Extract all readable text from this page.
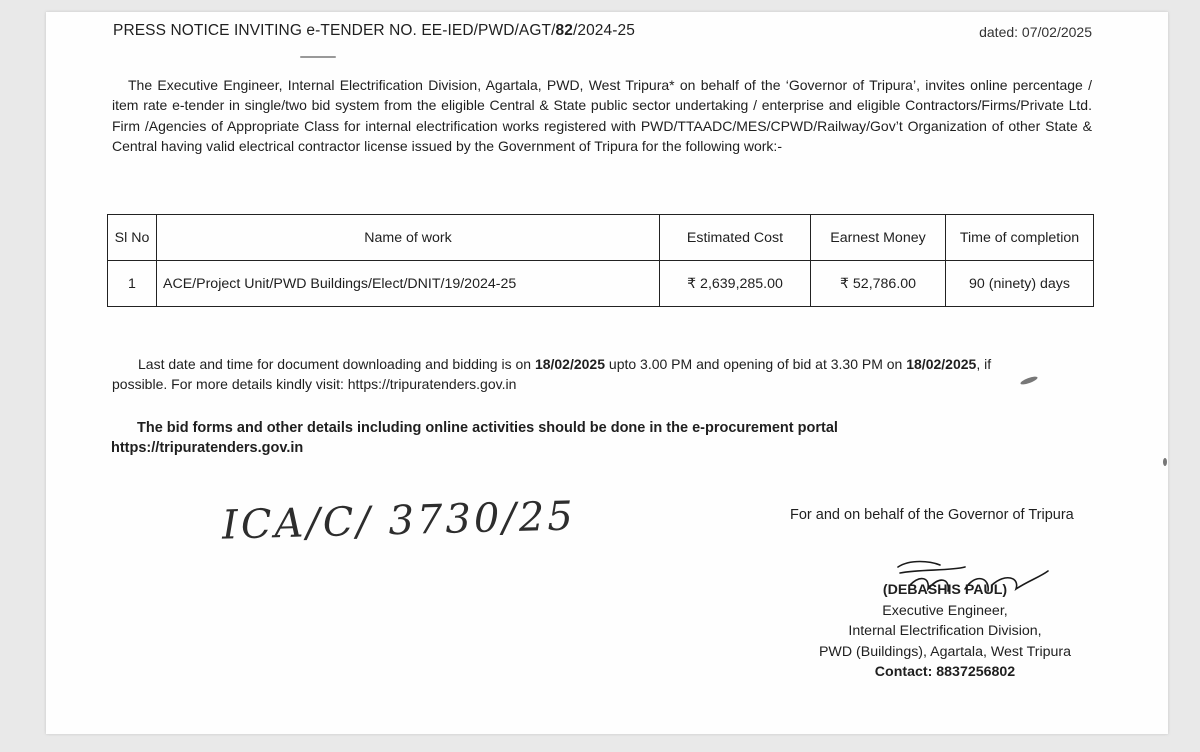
PRESS NOTICE INVITING e-TENDER NO. EE-IED/PWD/AGT/82/2024-25	dated: 07/02/2025
The Executive Engineer, Internal Electrification Division, Agartala, PWD, West Tripura* on behalf of the ‘Governor of Tripura’, invites online percentage / item rate e-tender in single/two bid system from the eligible Central & State public sector undertaking / enterprise and eligible Contractors/Firms/Private Ltd. Firm /Agencies of Appropriate Class for internal electrification works registered with PWD/TTAADC/MES/CPWD/Railway/Gov’t Organization of other State & Central having valid electrical contractor license issued by the Government of Tripura for the following work:-
Sl No	Name of work	Estimated Cost	Earnest Money	Time of completion
1	ACE/Project Unit/PWD Buildings/Elect/DNIT/19/2024-25	₹ 2,639,285.00	₹ 52,786.00	90 (ninety) days
Last date and time for document downloading and bidding is on 18/02/2025 upto 3.00 PM and opening of bid at 3.30 PM on 18/02/2025, if possible. For more details kindly visit: https://tripuratenders.gov.in
The bid forms and other details including online activities should be done in the e-procurement portal https://tripuratenders.gov.in
ICA/C/ 3730/25	For and on behalf of the Governor of Tripura
(DEBASHIS PAUL)
Executive Engineer,
Internal Electrification Division,
PWD (Buildings), Agartala, West Tripura
Contact: 8837256802
